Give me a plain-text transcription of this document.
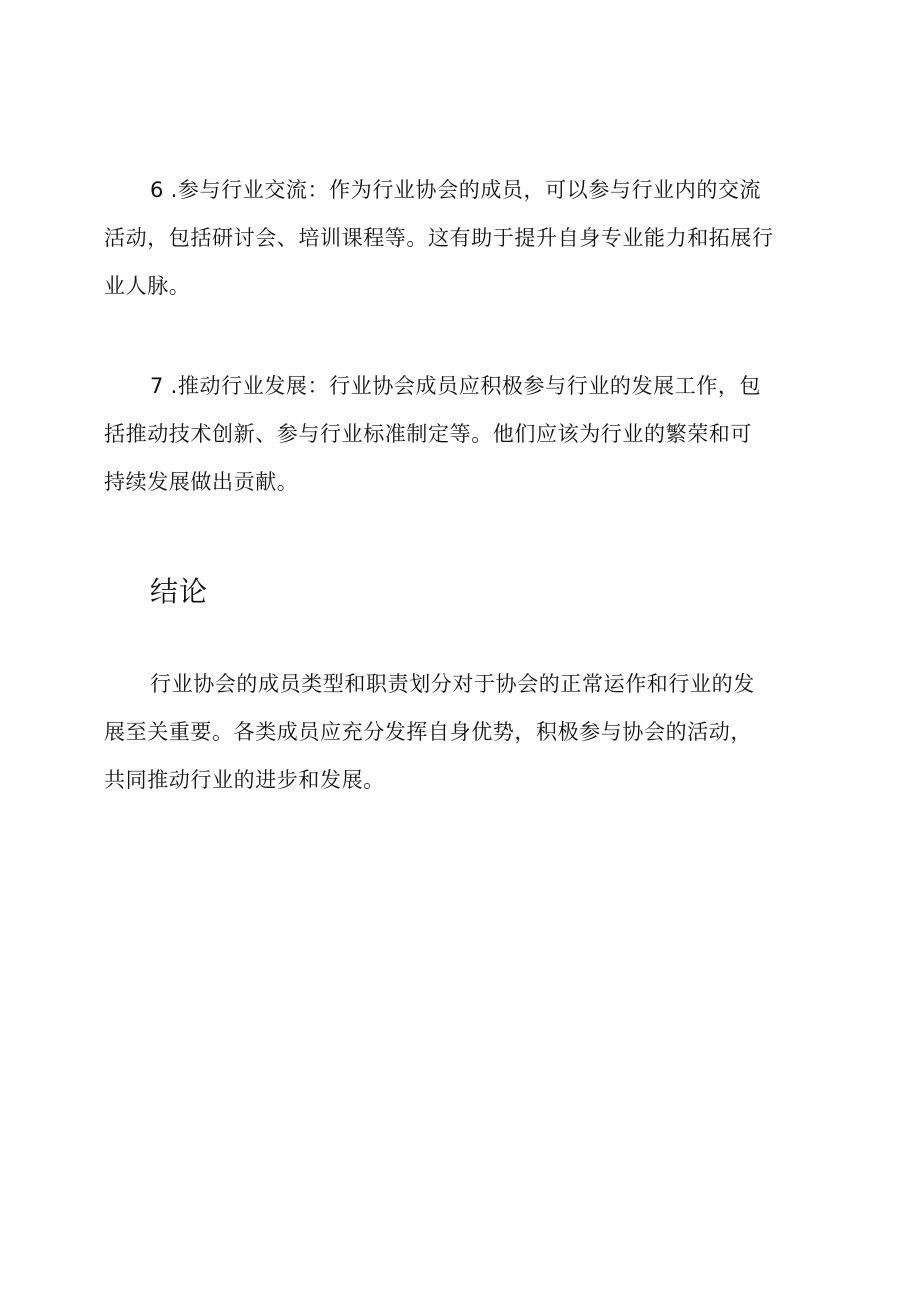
6 .参与行业交流：作为行业协会的成员，可以参与行业内的交流
活动，包括研讨会、培训课程等。这有助于提升自身专业能力和拓展行
业人脉。
7 .推动行业发展：行业协会成员应积极参与行业的发展工作，包
括推动技术创新、参与行业标准制定等。他们应该为行业的繁荣和可
持续发展做出贡献。
结论
行业协会的成员类型和职责划分对于协会的正常运作和行业的发
展至关重要。各类成员应充分发挥自身优势，积极参与协会的活动，
共同推动行业的进步和发展。
